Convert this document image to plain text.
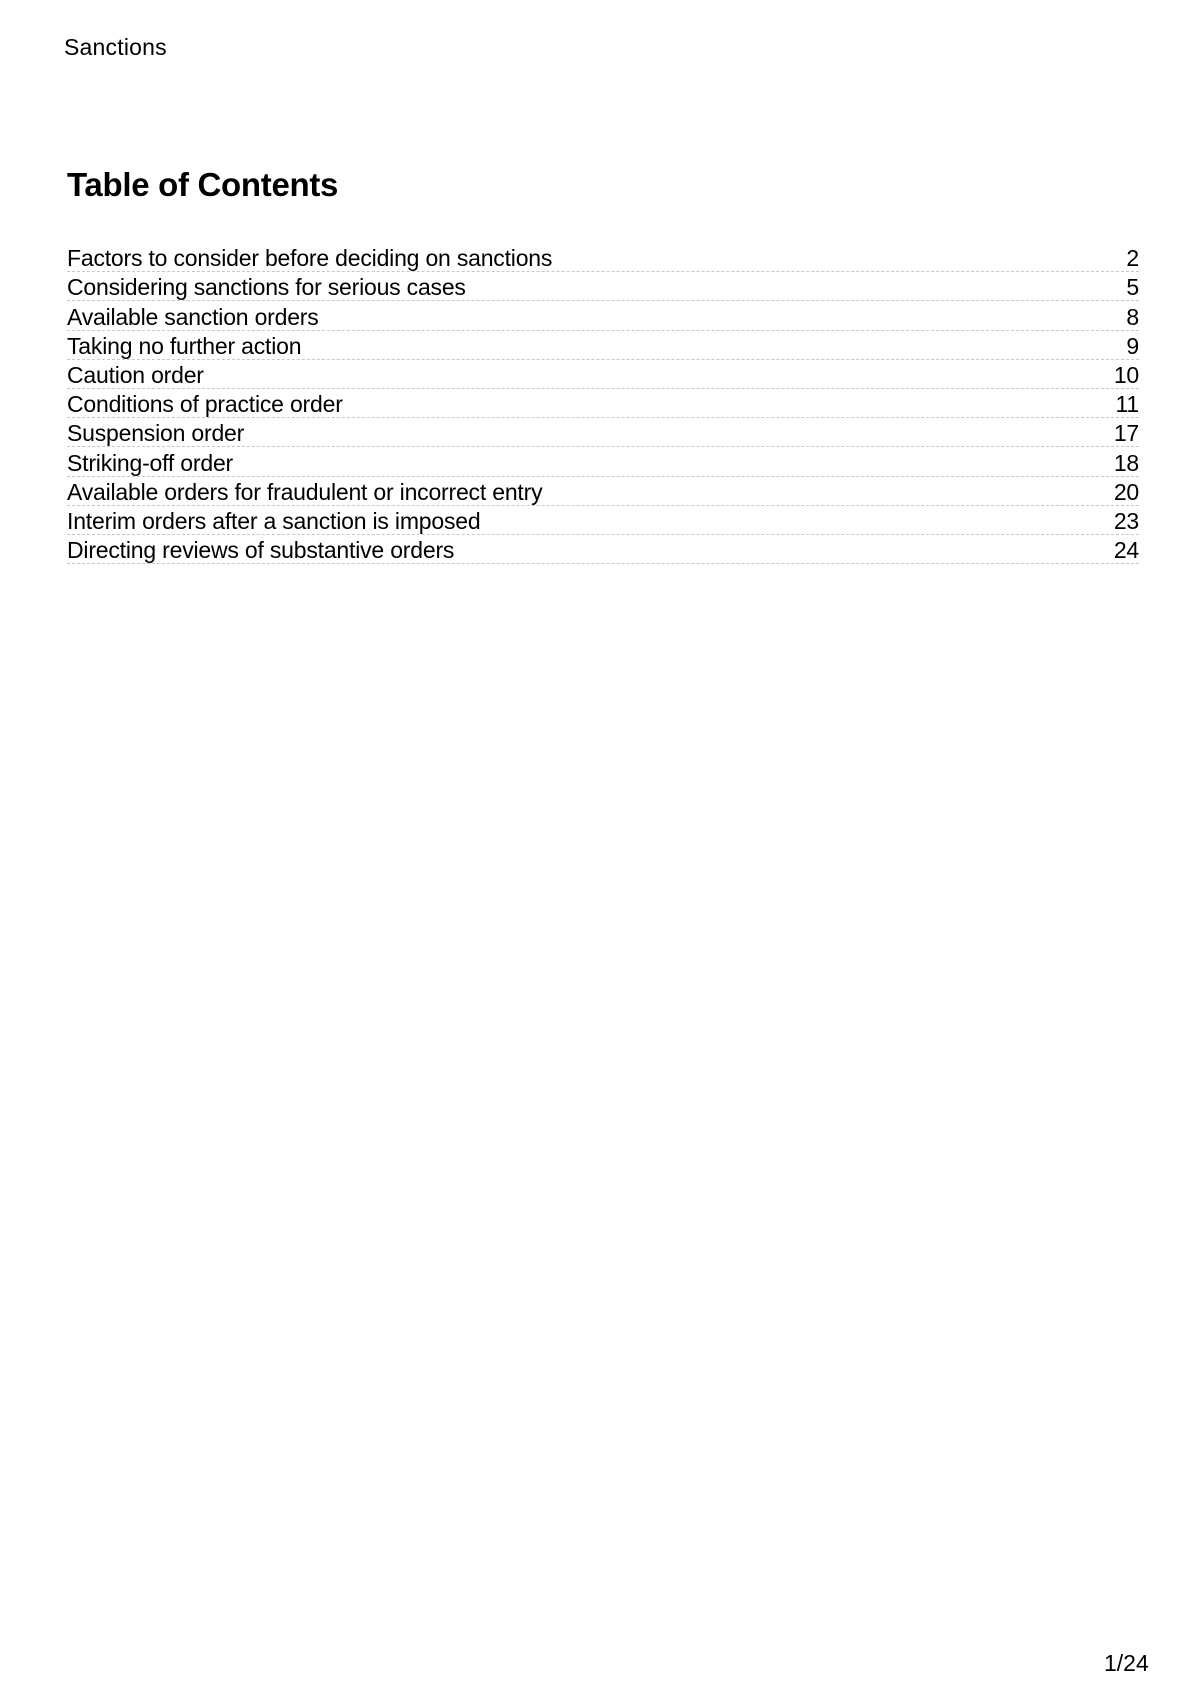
Sanctions
Table of Contents
Factors to consider before deciding on sanctions	2
Considering sanctions for serious cases	5
Available sanction orders	8
Taking no further action	9
Caution order	10
Conditions of practice order	11
Suspension order	17
Striking-off order	18
Available orders for fraudulent or incorrect entry	20
Interim orders after a sanction is imposed	23
Directing reviews of substantive orders	24
1/24
